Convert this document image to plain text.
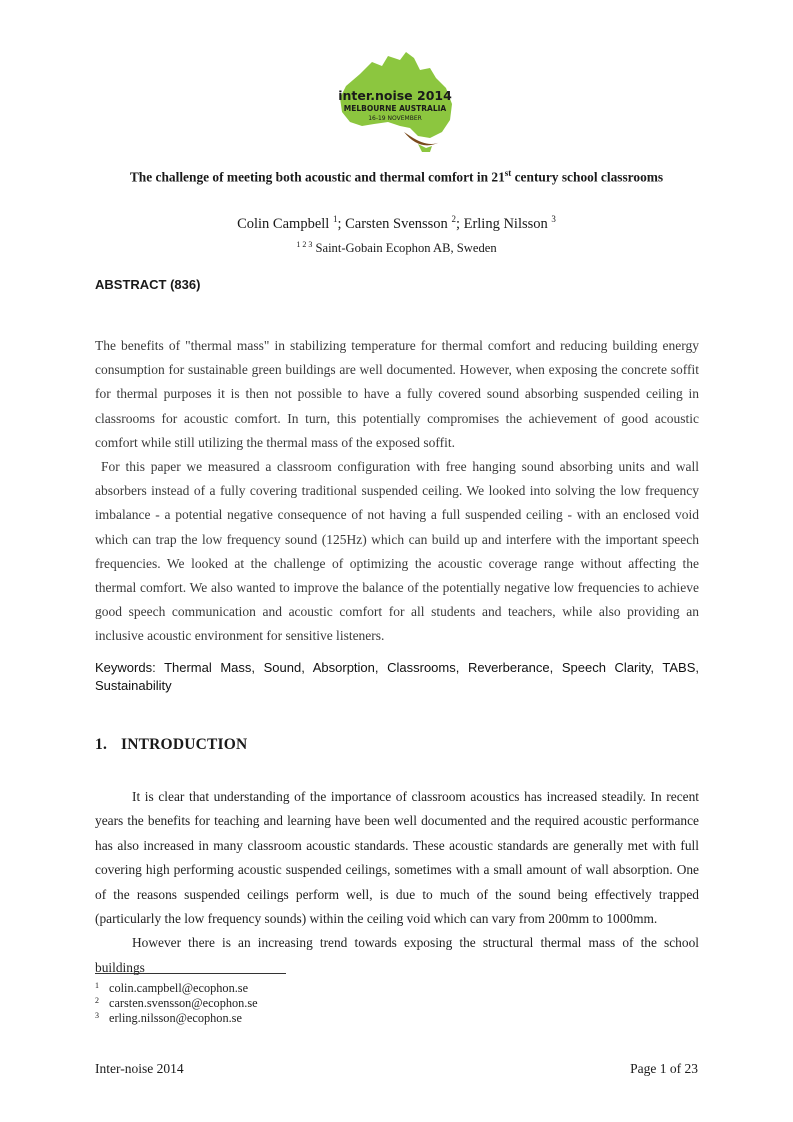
inter.noise 2014
MELBOURNE AUSTRALIA
16-19 NOVEMBER
The challenge of meeting both acoustic and thermal comfort in 21st century school classrooms
Colin Campbell $^1$; Carsten Svensson $^2$; Erling Nilsson $^3$
$^{1 2 3}$ Saint-Gobain Ecophon AB, Sweden
ABSTRACT (836)

The benefits of "thermal mass" in stabilizing temperature for thermal comfort and reducing building energy consumption for sustainable green buildings are well documented. However, when exposing the concrete soffit for thermal purposes it is then not possible to have a fully covered sound absorbing suspended ceiling in classrooms for acoustic comfort. In turn, this potentially compromises the achievement of good acoustic comfort while still utilizing the thermal mass of the exposed soffit.

For this paper we measured a classroom configuration with free hanging sound absorbing units and wall absorbers instead of a fully covering traditional suspended ceiling. We looked into solving the low frequency imbalance - a potential negative consequence of not having a full suspended ceiling - with an enclosed void which can trap the low frequency sound (125Hz) which can build up and interfere with the important speech frequencies. We looked at the challenge of optimizing the acoustic coverage range without affecting the thermal comfort. We also wanted to improve the balance of the potentially negative low frequencies to achieve good speech communication and acoustic comfort for all students and teachers, while also providing an inclusive acoustic environment for sensitive listeners.

Keywords: Thermal Mass, Sound, Absorption, Classrooms, Reverberance, Speech Clarity, TABS, Sustainability
1. INTRODUCTION

It is clear that understanding of the importance of classroom acoustics has increased steadily. In recent years the benefits for teaching and learning have been well documented and the required acoustic performance has also increased in many classroom acoustic standards. These acoustic standards are generally met with full covering high performing acoustic suspended ceilings, sometimes with a small amount of wall absorption. One of the reasons suspended ceilings perform well, is due to much of the sound being effectively trapped (particularly the low frequency sounds) within the ceiling void which can vary from 200mm to 1000mm.

However there is an increasing trend towards exposing the structural thermal mass of the school buildings

1 colin.campbell@ecophon.se
2 carsten.svensson@ecophon.se
3 erling.nilsson@ecophon.se
Inter-noise 2014	Page 1 of 23
